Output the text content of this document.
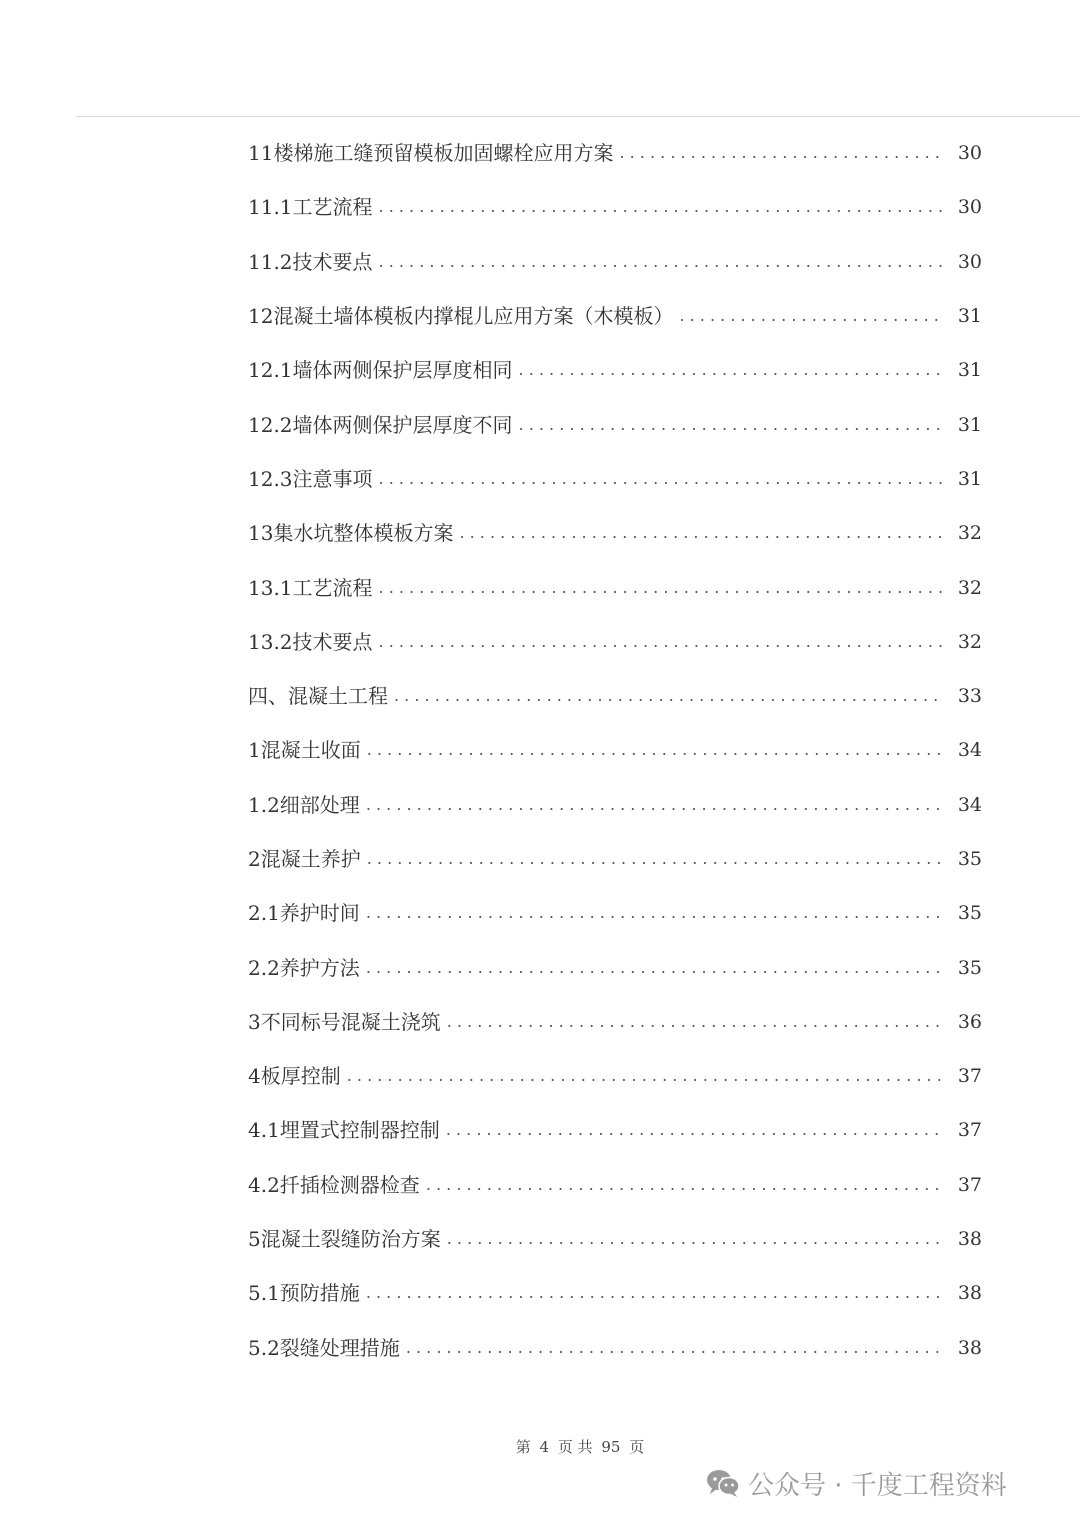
11楼梯施工缝预留模板加固螺栓应用方案 . . .	30
11.1工艺流程 . . .	30
11.2技术要点 . . .	30
12混凝土墙体模板内撑棍儿应用方案（木模板） . . .	31
12.1墙体两侧保护层厚度相同 . . .	31
12.2墙体两侧保护层厚度不同 . . .	31
12.3注意事项 . . .	31
13集水坑整体模板方案 . . .	32
13.1工艺流程 . . .	32
13.2技术要点 . . .	32
四、混凝土工程 . . .	33
1混凝土收面 . . .	34
1.2细部处理 . . .	34
2混凝土养护 . . .	35
2.1养护时间 . . .	35
2.2养护方法 . . .	35
3不同标号混凝土浇筑 . . .	36
4板厚控制 . . .	37
4.1埋置式控制器控制 . . .	37
4.2扦插检测器检查 . . .	37
5混凝土裂缝防治方案 . . .	38
5.1预防措施 . . .	38
5.2裂缝处理措施 . . .	38
第 4 页 共 95 页
公众号 · 千度工程资料
